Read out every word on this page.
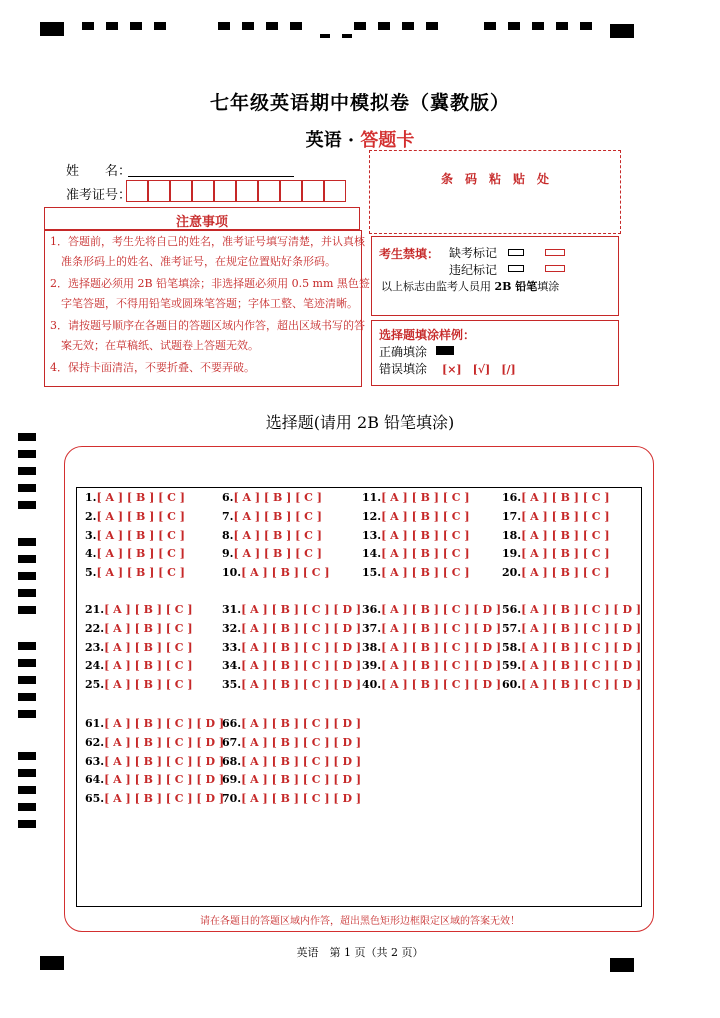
七年级英语期中模拟卷（冀教版）
英语 · 答题卡
姓　　名：
准考证号：
条　码　粘　贴　处
注意事项
1．答题前，考生先将自己的姓名，准考证号填写清楚，并认真核
　准条形码上的姓名、准考证号，在规定位置贴好条形码。
2．选择题必须用 2B 铅笔填涂；非选择题必须用 0.5 mm 黑色签
　字笔答题，不得用铅笔或圆珠笔答题；字体工整、笔迹清晰。
3．请按题号顺序在各题目的答题区域内作答，超出区域书写的答
　案无效；在草稿纸、试题卷上答题无效。
4．保持卡面清洁，不要折叠、不要弄破。
考生禁填： 缺考标记
违纪标记
以上标志由监考人员用 2B 铅笔填涂
选择题填涂样例：
正确填涂
错误填涂 [×]　[√]　[/]
选择题(请用 2B 铅笔填涂)
1.[ A ] [ B ] [ C ]
2.[ A ] [ B ] [ C ]
3.[ A ] [ B ] [ C ]
4.[ A ] [ B ] [ C ]
5.[ A ] [ B ] [ C ]
6.[ A ] [ B ] [ C ]
7.[ A ] [ B ] [ C ]
8.[ A ] [ B ] [ C ]
9.[ A ] [ B ] [ C ]
10.[ A ] [ B ] [ C ]
11.[ A ] [ B ] [ C ]
12.[ A ] [ B ] [ C ]
13.[ A ] [ B ] [ C ]
14.[ A ] [ B ] [ C ]
15.[ A ] [ B ] [ C ]
16.[ A ] [ B ] [ C ]
17.[ A ] [ B ] [ C ]
18.[ A ] [ B ] [ C ]
19.[ A ] [ B ] [ C ]
20.[ A ] [ B ] [ C ]
21.[ A ] [ B ] [ C ]
22.[ A ] [ B ] [ C ]
23.[ A ] [ B ] [ C ]
24.[ A ] [ B ] [ C ]
25.[ A ] [ B ] [ C ]
31.[ A ] [ B ] [ C ] [ D ]
32.[ A ] [ B ] [ C ] [ D ]
33.[ A ] [ B ] [ C ] [ D ]
34.[ A ] [ B ] [ C ] [ D ]
35.[ A ] [ B ] [ C ] [ D ]
36.[ A ] [ B ] [ C ] [ D ]
37.[ A ] [ B ] [ C ] [ D ]
38.[ A ] [ B ] [ C ] [ D ]
39.[ A ] [ B ] [ C ] [ D ]
40.[ A ] [ B ] [ C ] [ D ]
56.[ A ] [ B ] [ C ] [ D ]
57.[ A ] [ B ] [ C ] [ D ]
58.[ A ] [ B ] [ C ] [ D ]
59.[ A ] [ B ] [ C ] [ D ]
60.[ A ] [ B ] [ C ] [ D ]
61.[ A ] [ B ] [ C ] [ D ]
62.[ A ] [ B ] [ C ] [ D ]
63.[ A ] [ B ] [ C ] [ D ]
64.[ A ] [ B ] [ C ] [ D ]
65.[ A ] [ B ] [ C ] [ D ]
66.[ A ] [ B ] [ C ] [ D ]
67.[ A ] [ B ] [ C ] [ D ]
68.[ A ] [ B ] [ C ] [ D ]
69.[ A ] [ B ] [ C ] [ D ]
70.[ A ] [ B ] [ C ] [ D ]
请在各题目的答题区域内作答，超出黑色矩形边框限定区域的答案无效！
英语　第 1 页（共 2 页）
